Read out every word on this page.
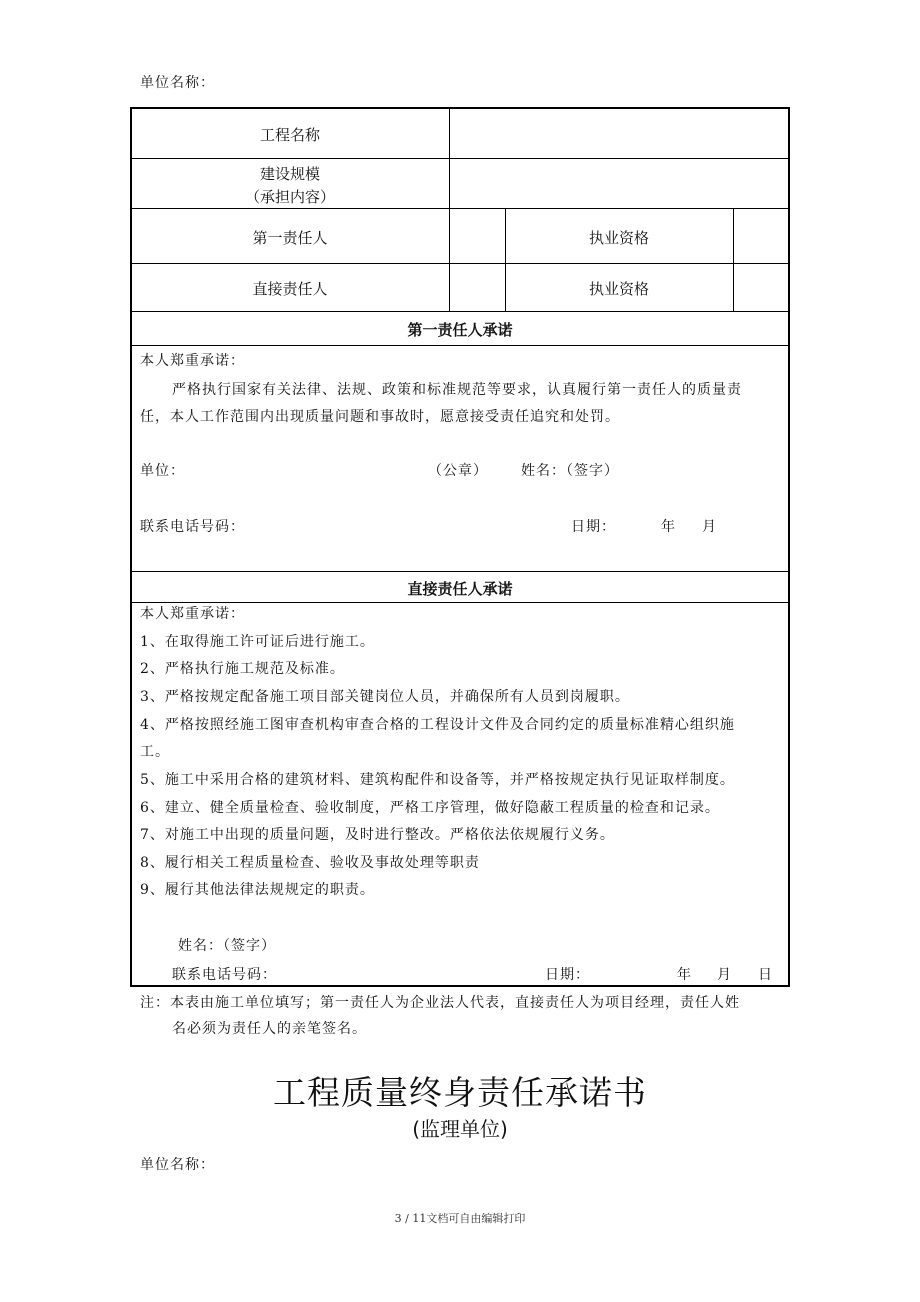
单位名称：
工程名称
建设规模
（承担内容）
第一责任人	执业资格
直接责任人	执业资格
第一责任人承诺
本人郑重承诺：
严格执行国家有关法律、法规、政策和标准规范等要求，认真履行第一责任人的质量责
任，本人工作范围内出现质量问题和事故时，愿意接受责任追究和处罚。
单位：	（公章） 姓名：（签字）
联系电话号码：	日期：	年 月
直接责任人承诺
本人郑重承诺：
1、在取得施工许可证后进行施工。
2、严格执行施工规范及标准。
3、严格按规定配备施工项目部关键岗位人员，并确保所有人员到岗履职。
4、严格按照经施工图审查机构审查合格的工程设计文件及合同约定的质量标准精心组织施
工。
5、施工中采用合格的建筑材料、建筑构配件和设备等，并严格按规定执行见证取样制度。
6、建立、健全质量检查、验收制度，严格工序管理，做好隐蔽工程质量的检查和记录。
7、对施工中出现的质量问题，及时进行整改。严格依法依规履行义务。
8、履行相关工程质量检查、验收及事故处理等职责
9、履行其他法律法规规定的职责。
姓名：（签字）
联系电话号码：	日期：	年 月 日
注：本表由施工单位填写；第一责任人为企业法人代表，直接责任人为项目经理，责任人姓
名必须为责任人的亲笔签名。
工程质量终身责任承诺书
(监理单位)
单位名称：
3 / 11文档可自由编辑打印
